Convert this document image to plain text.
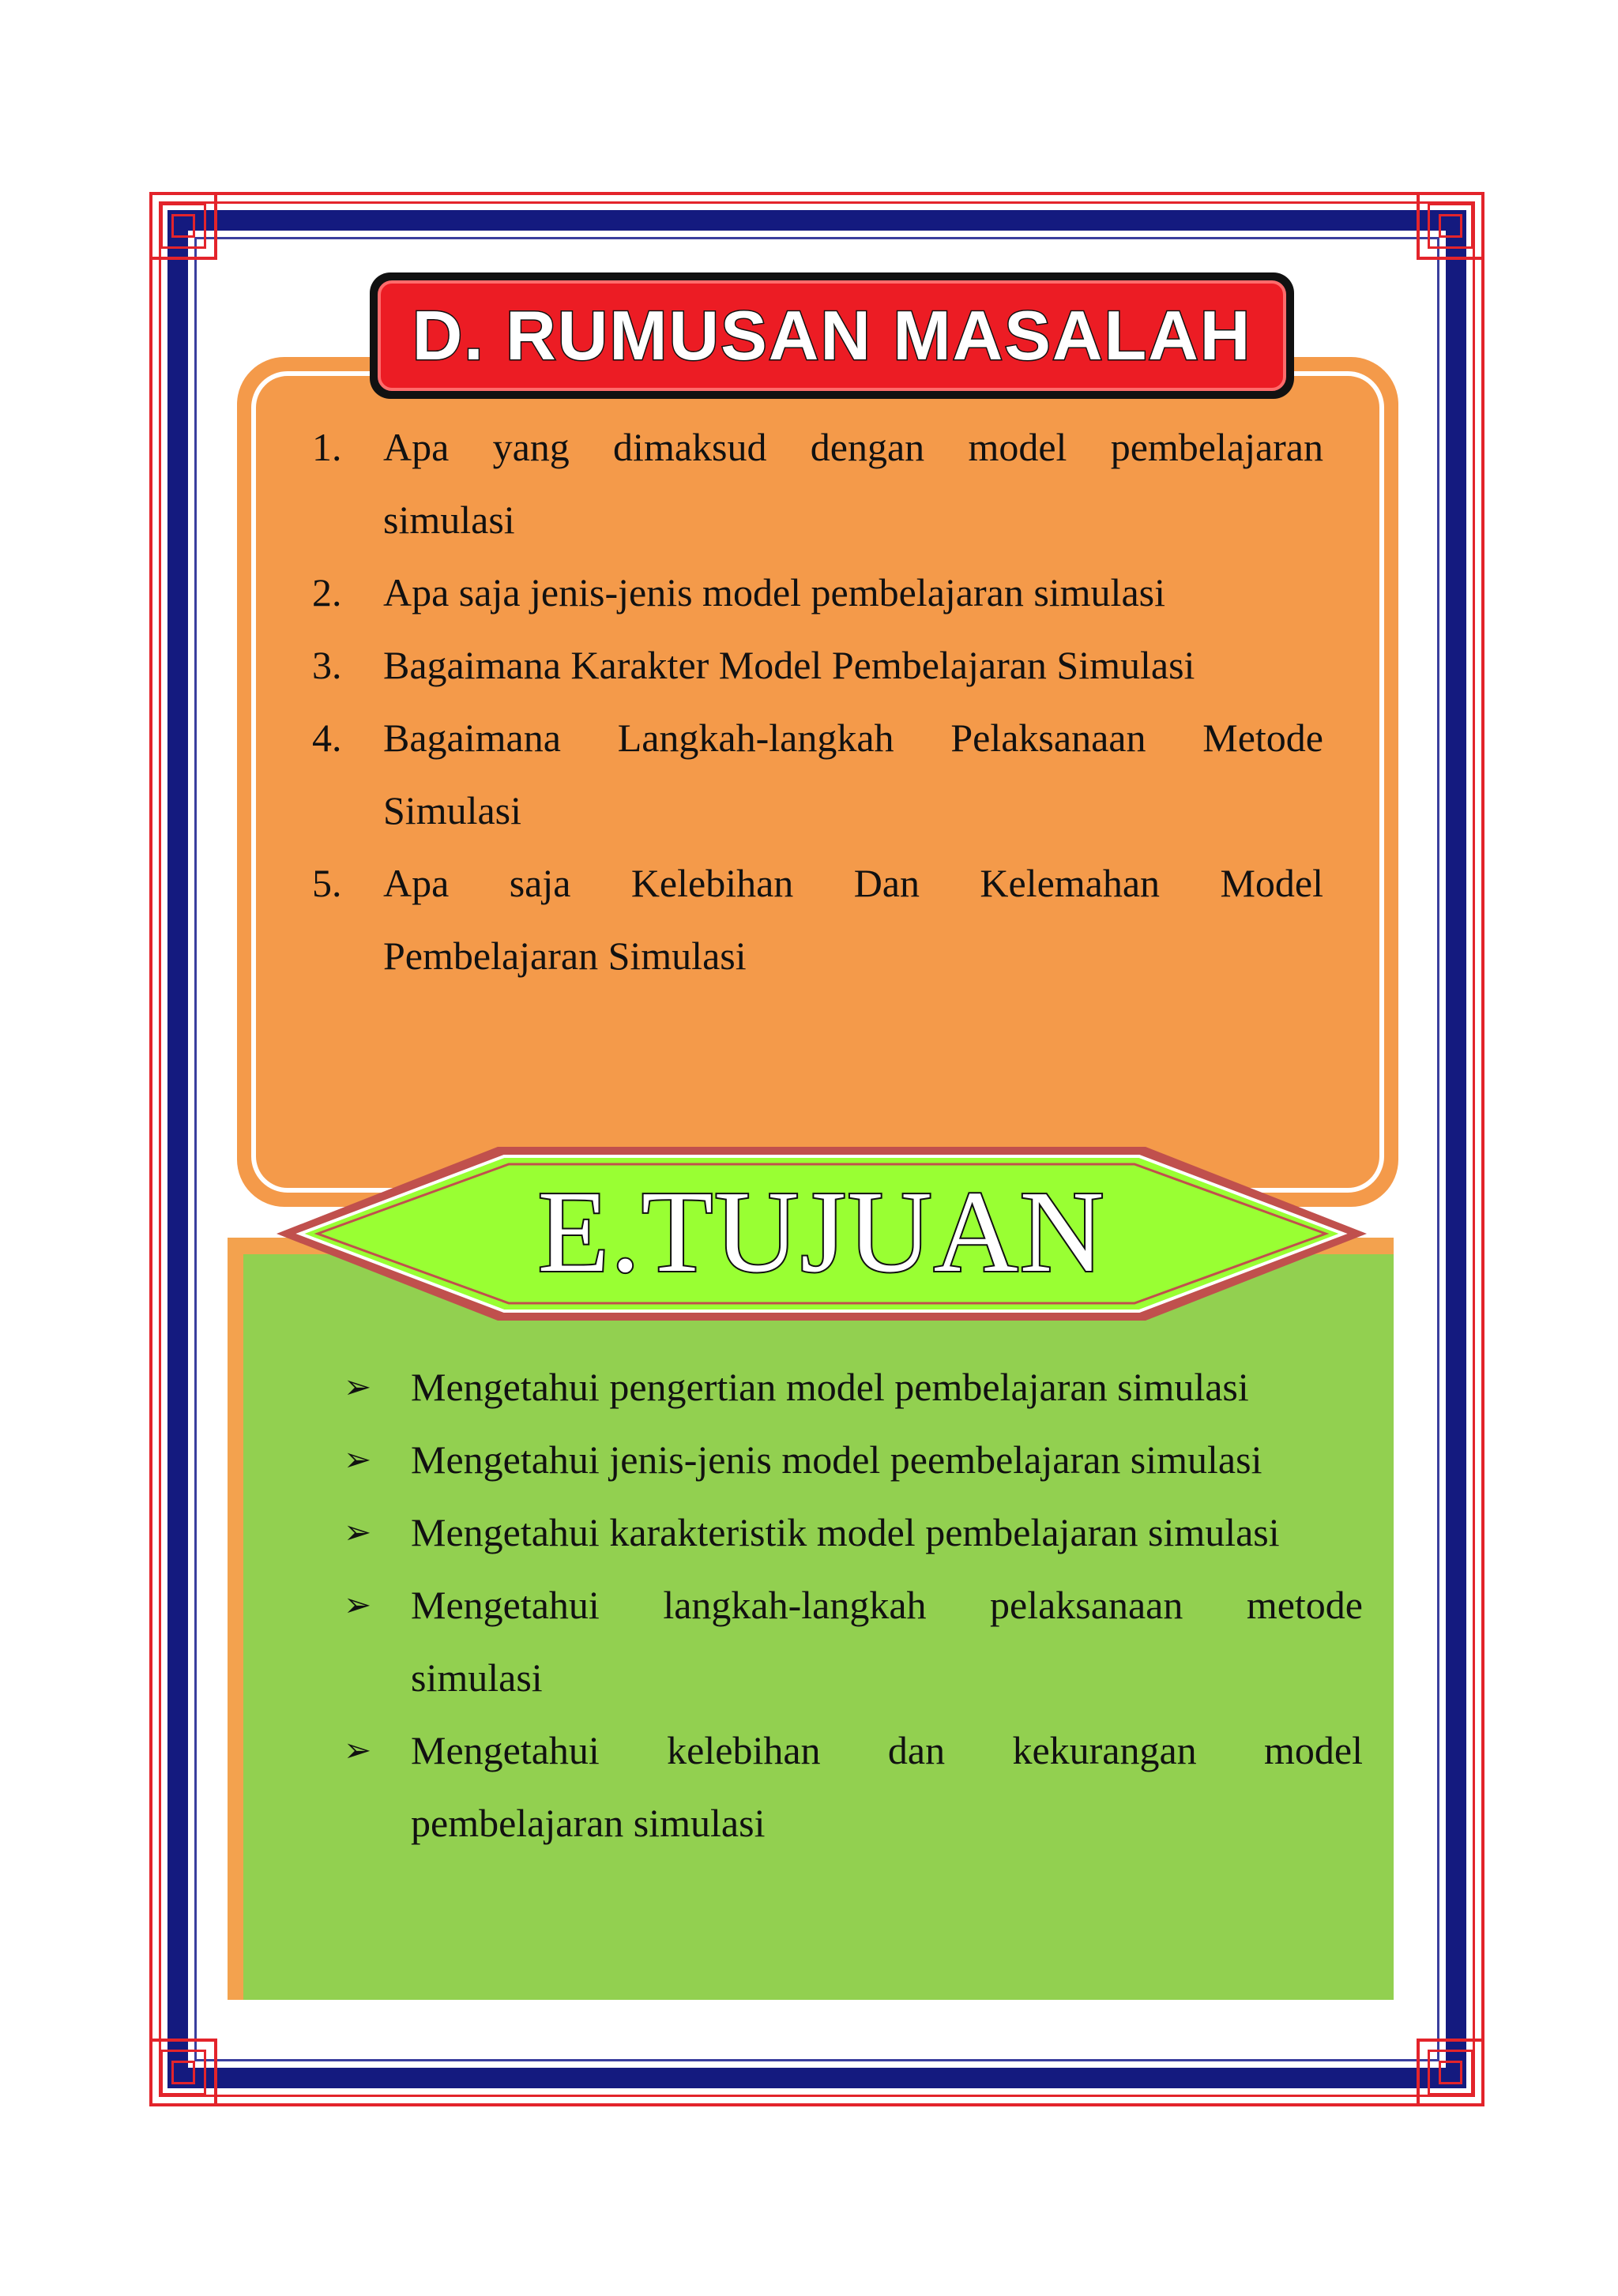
D. RUMUSAN MASALAH
1. Apa yang dimaksud dengan model pembelajaran
simulasi
2. Apa saja jenis-jenis model pembelajaran simulasi
3. Bagaimana Karakter Model Pembelajaran Simulasi
4. Bagaimana Langkah-langkah Pelaksanaan Metode
Simulasi
5. Apa saja Kelebihan Dan Kelemahan Model
Pembelajaran Simulasi
E.TUJUAN
➢ Mengetahui pengertian model pembelajaran simulasi
➢ Mengetahui jenis-jenis model peembelajaran simulasi
➢ Mengetahui karakteristik model pembelajaran simulasi
➢ Mengetahui langkah-langkah pelaksanaan metode
simulasi
➢ Mengetahui kelebihan dan kekurangan model
pembelajaran simulasi
